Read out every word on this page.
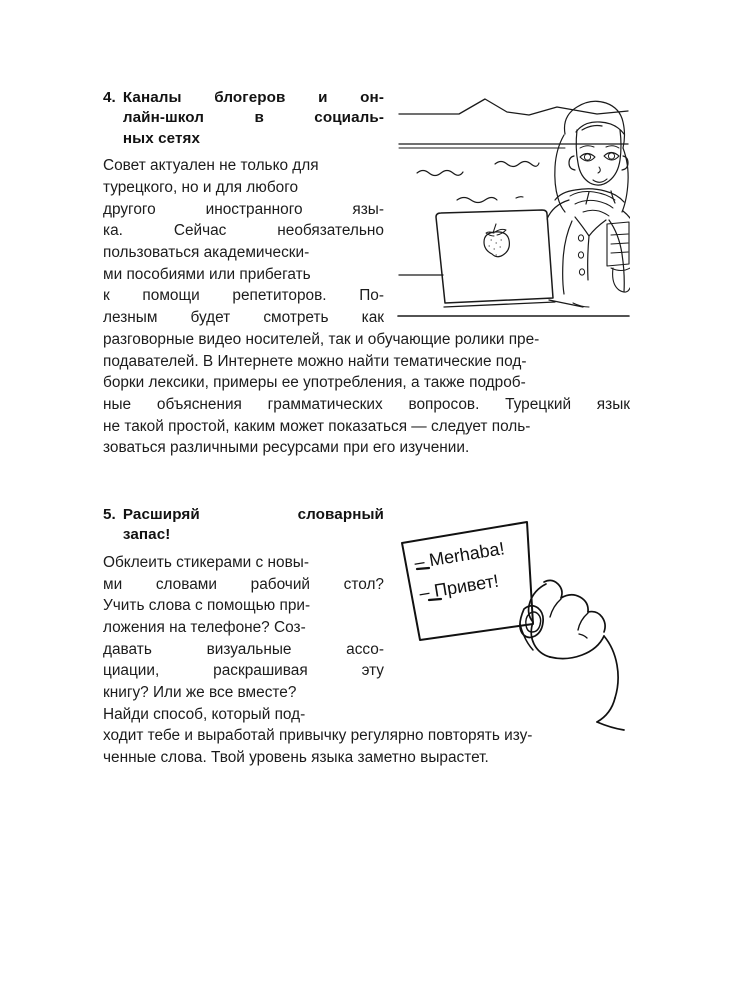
4. Каналы блогеров и он-
лайн-школ в социаль-
ных сетях
Совет актуален не только для
турецкого, но и для любого
другого иностранного язы-
ка. Сейчас необязательно
пользоваться академически-
ми пособиями или прибегать
к помощи репетиторов. По-
лезным будет смотреть как
разговорные видео носителей, так и обучающие ролики пре-
подавателей. В Интернете можно найти тематические под-
борки лексики, примеры ее употребления, а также подроб-
ные объяснения грамматических вопросов. Турецкий язык
не такой простой, каким может показаться — следует поль-
зоваться различными ресурсами при его изучении.
5. Расширяй словарный
запас!
Обклеить стикерами с новы-
ми словами рабочий стол?
Учить слова с помощью при-
ложения на телефоне? Соз-
давать визуальные ассо-
циации, раскрашивая эту
книгу? Или же все вместе?
Найди способ, который под-
ходит тебе и выработай привычку регулярно повторять изу-
ченные слова. Твой уровень языка заметно вырастет.
– Merhaba!
– Привет!
